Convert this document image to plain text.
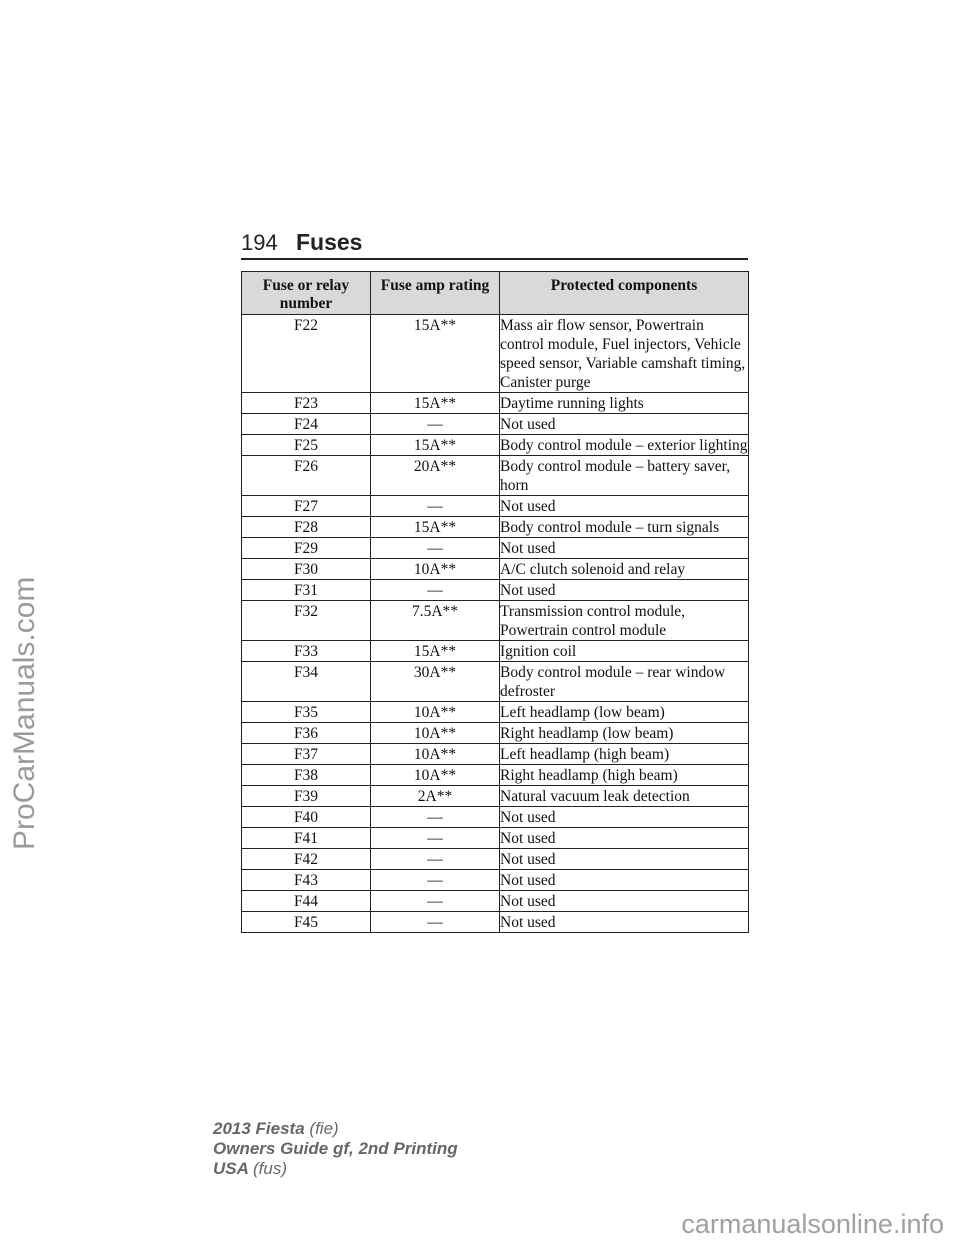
194 Fuses
Fuse or relay number	Fuse amp rating	Protected components
F22	15A**	Mass air flow sensor, Powertrain control module, Fuel injectors, Vehicle speed sensor, Variable camshaft timing, Canister purge
F23	15A**	Daytime running lights
F24	—	Not used
F25	15A**	Body control module – exterior lighting
F26	20A**	Body control module – battery saver, horn
F27	—	Not used
F28	15A**	Body control module – turn signals
F29	—	Not used
F30	10A**	A/C clutch solenoid and relay
F31	—	Not used
F32	7.5A**	Transmission control module, Powertrain control module
F33	15A**	Ignition coil
F34	30A**	Body control module – rear window defroster
F35	10A**	Left headlamp (low beam)
F36	10A**	Right headlamp (low beam)
F37	10A**	Left headlamp (high beam)
F38	10A**	Right headlamp (high beam)
F39	2A**	Natural vacuum leak detection
F40	—	Not used
F41	—	Not used
F42	—	Not used
F43	—	Not used
F44	—	Not used
F45	—	Not used
ProCarManuals.com
2013 Fiesta (fie)
Owners Guide gf, 2nd Printing
USA (fus)
carmanualsonline.info
